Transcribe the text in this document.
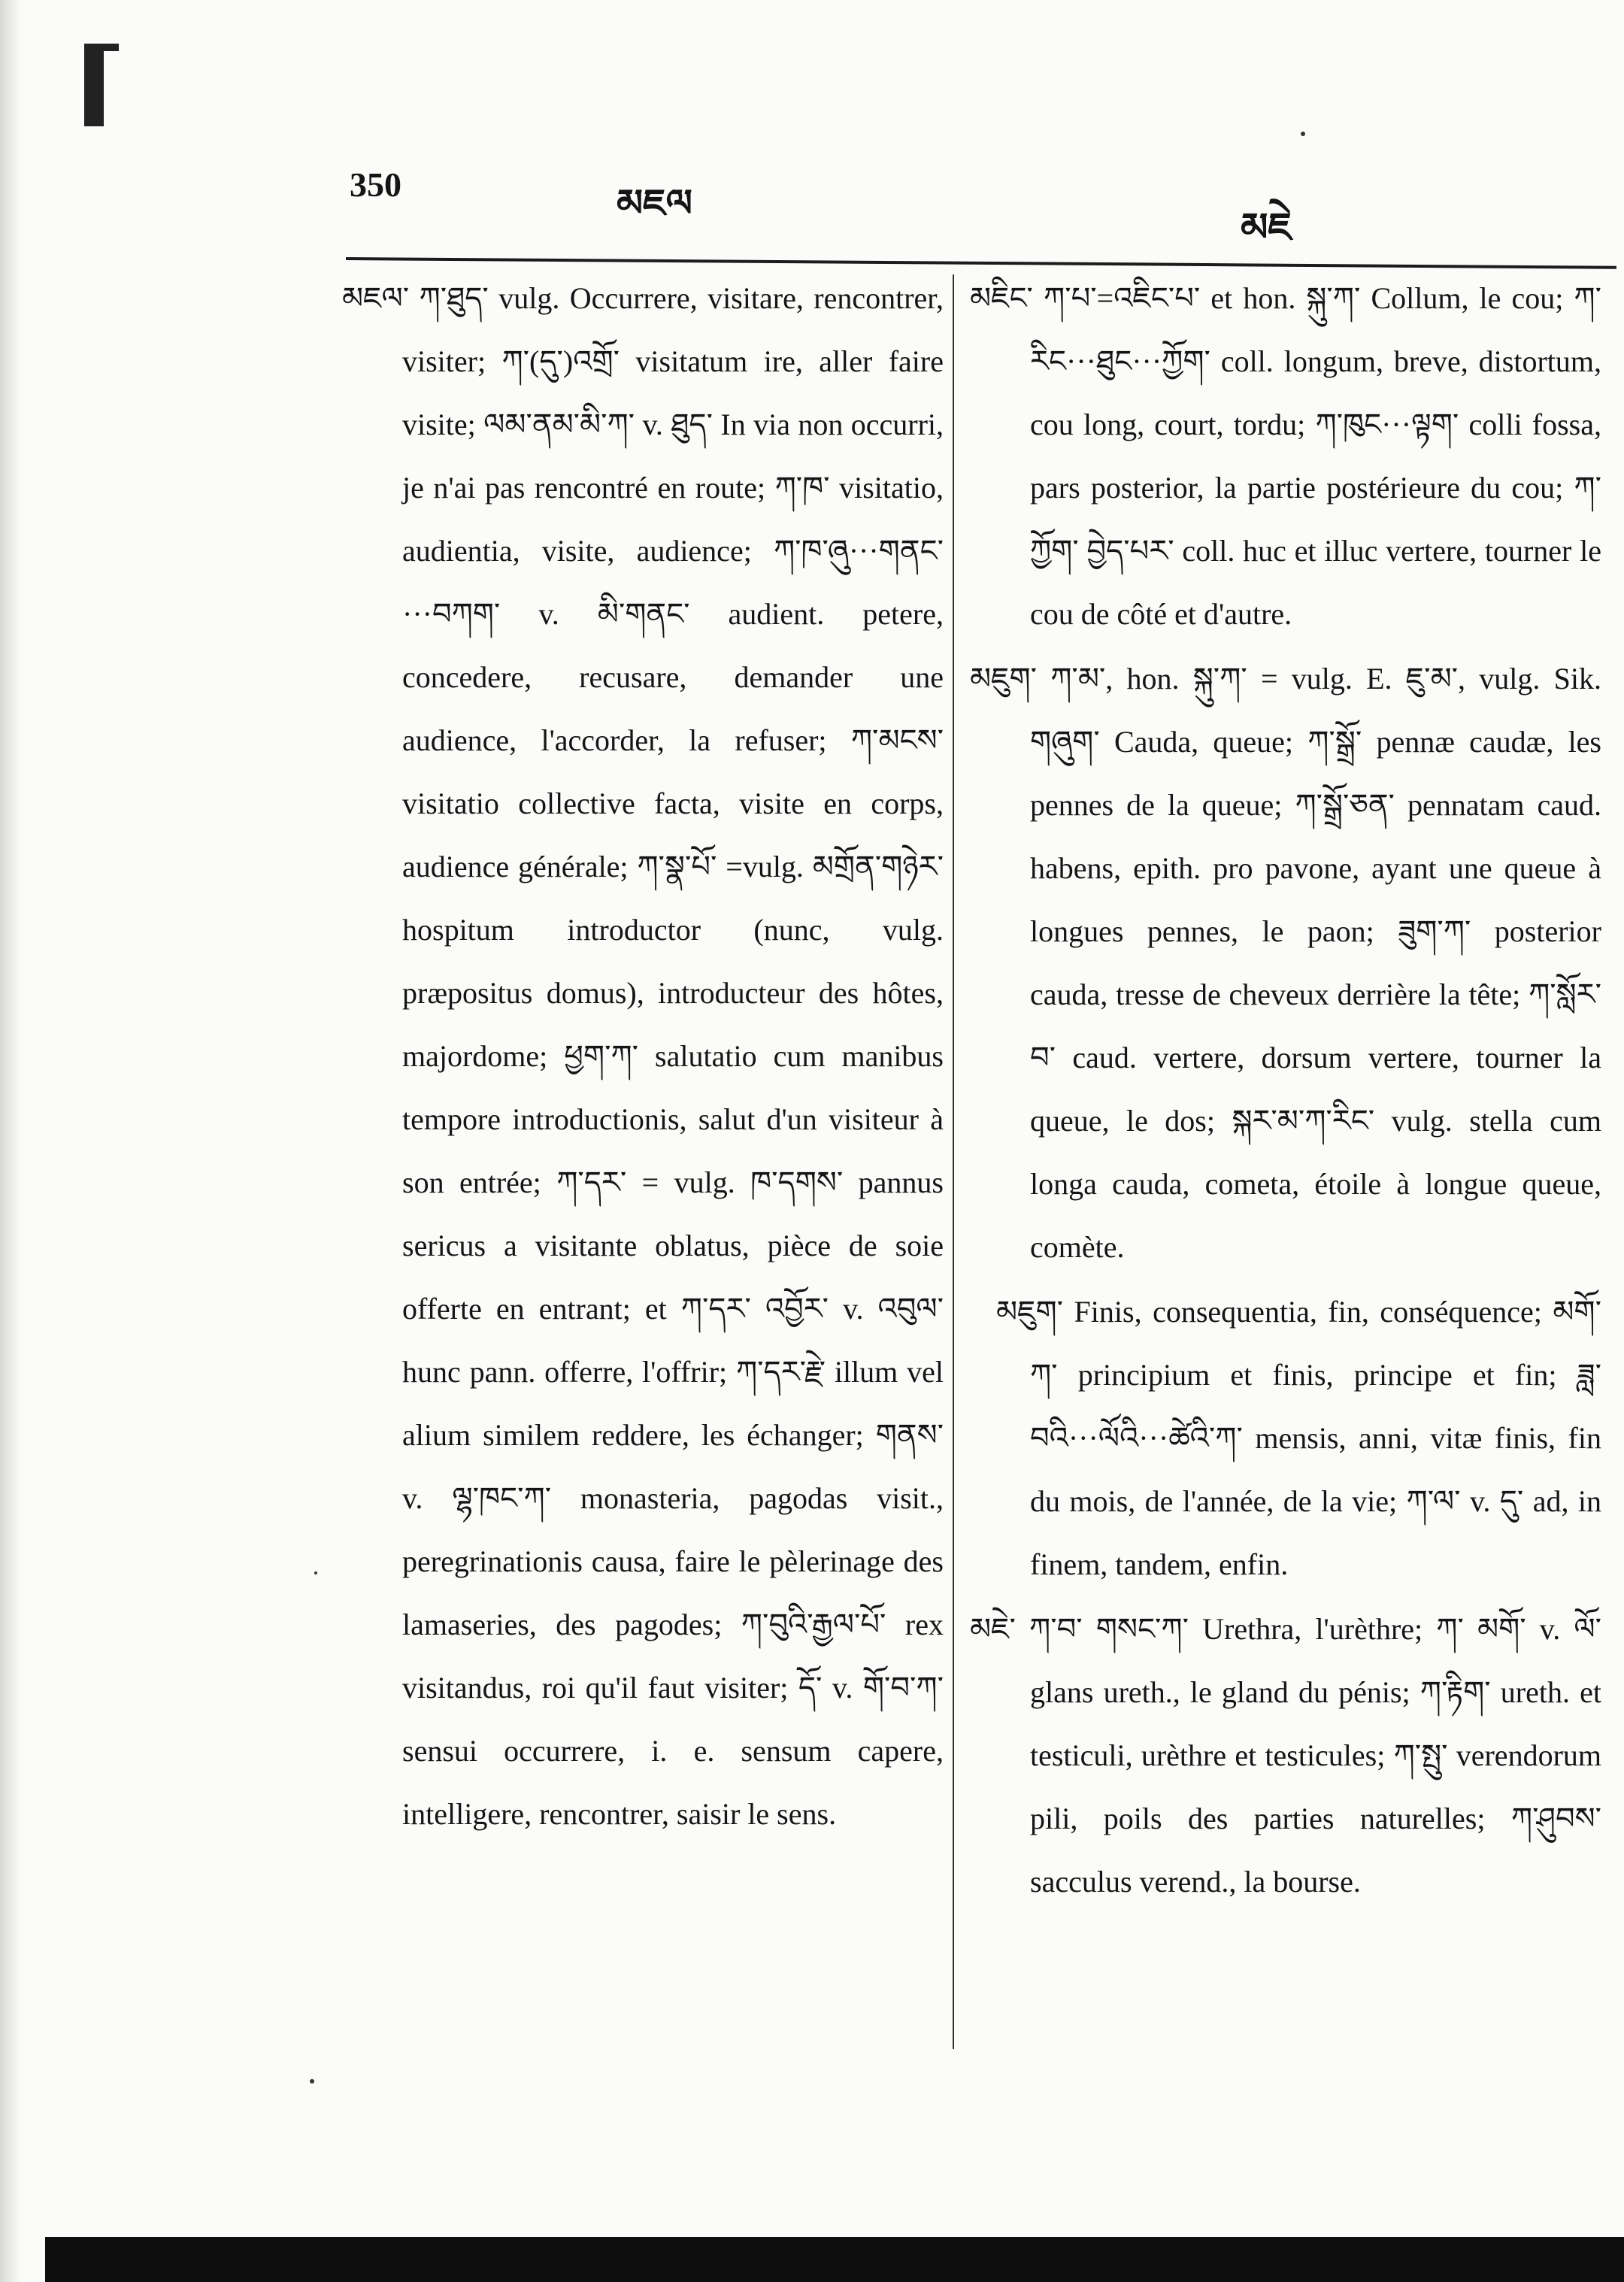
350	མཇལ
མཇེ

མཇལ་ ཀ་ཐུད་ vulg. Occurrere, visitare, rencontrer, visiter; ཀ་(དུ་)འགྲོ་ visitatum ire, aller faire visite; ལམ་ནམ་མི་ཀ་ v. ཐུད་ In via non occurri, je n'ai pas rencontré en route; ཀ་ཁ་ visitatio, audientia, visite, audience; ཀ་ཁ་ཞུ···གནང་···བཀག་ v. མི་གནང་ audient. petere, concedere, recusare, demander une audience, l'accorder, la refuser; ཀ་མངས་ visitatio collective facta, visite en corps, audience générale; ཀ་སྣ་པོ་ =vulg. མགྲོན་གཉེར་ hospitum introductor (nunc, vulg. præpositus domus), introducteur des hôtes, majordome; ཕྱག་ཀ་ salutatio cum manibus tempore introductionis, salut d'un visiteur à son entrée; ཀ་དར་ = vulg. ཁ་དགས་ pannus sericus a visitante oblatus, pièce de soie offerte en entrant; et ཀ་དར་ འབྱོར་ v. འབུལ་ hunc pann. offerre, l'offrir; ཀ་དར་རྗེ་ illum vel alium similem reddere, les échanger; གནས་ v. ལྷ་ཁང་ཀ་ monasteria, pagodas visit., peregrinationis causa, faire le pèlerinage des lamaseries, des pagodes; ཀ་བུའི་རྒྱལ་པོ་ rex visitandus, roi qu'il faut visiter; དོ་ v. གོ་བ་ཀ་ sensui occurrere, i. e. sensum capere, intelligere, rencontrer, saisir le sens.

མཇིང་ ཀ་པ་=འཇིང་པ་ et hon. སྐུ་ཀ་ Collum, le cou; ཀ་རིང···ཐུང···ཀྱོག་ coll. longum, breve, distortum, cou long, court, tordu; ཀ་ཁུང···ལྟག་ colli fossa, pars posterior, la partie postérieure du cou; ཀ་ཀྱོག་ བྱེད་པར་ coll. huc et illuc vertere, tourner le cou de côté et d'autre.

མཇུག་ ཀ་མ་, hon. སྐུ་ཀ་ = vulg. E. ཇུ་མ་, vulg. Sik. གཞུག་ Cauda, queue; ཀ་སྒྲོ་ pennæ caudæ, les pennes de la queue; ཀ་སྒྲོ་ཅན་ pennatam caud. habens, epith. pro pavone, ayant une queue à longues pennes, le paon; ཟུག་ཀ་ posterior cauda, tresse de cheveux derrière la tête; ཀ་སློར་བ་ caud. vertere, dorsum vertere, tourner la queue, le dos; སྐར་མ་ཀ་རིང་ vulg. stella cum longa cauda, cometa, étoile à longue queue, comète.

མཇུག་ Finis, consequentia, fin, conséquence; མགོ་ཀ་ principium et finis, principe et fin; ཟླ་བའི···ལོའི···ཚེའི་ཀ་ mensis, anni, vitæ finis, fin du mois, de l'année, de la vie; ཀ་ལ་ v. དུ་ ad, in finem, tandem, enfin.

མཇེ་ ཀ་བ་ གསང་ཀ་ Urethra, l'urèthre; ཀ་ མགོ་ v. ལོ་ glans ureth., le gland du pénis; ཀ་རྟིག་ ureth. et testiculi, urèthre et testicules; ཀ་སྤུ་ verendorum pili, poils des parties naturelles; ཀ་ཤུབས་ sacculus verend., la bourse.
